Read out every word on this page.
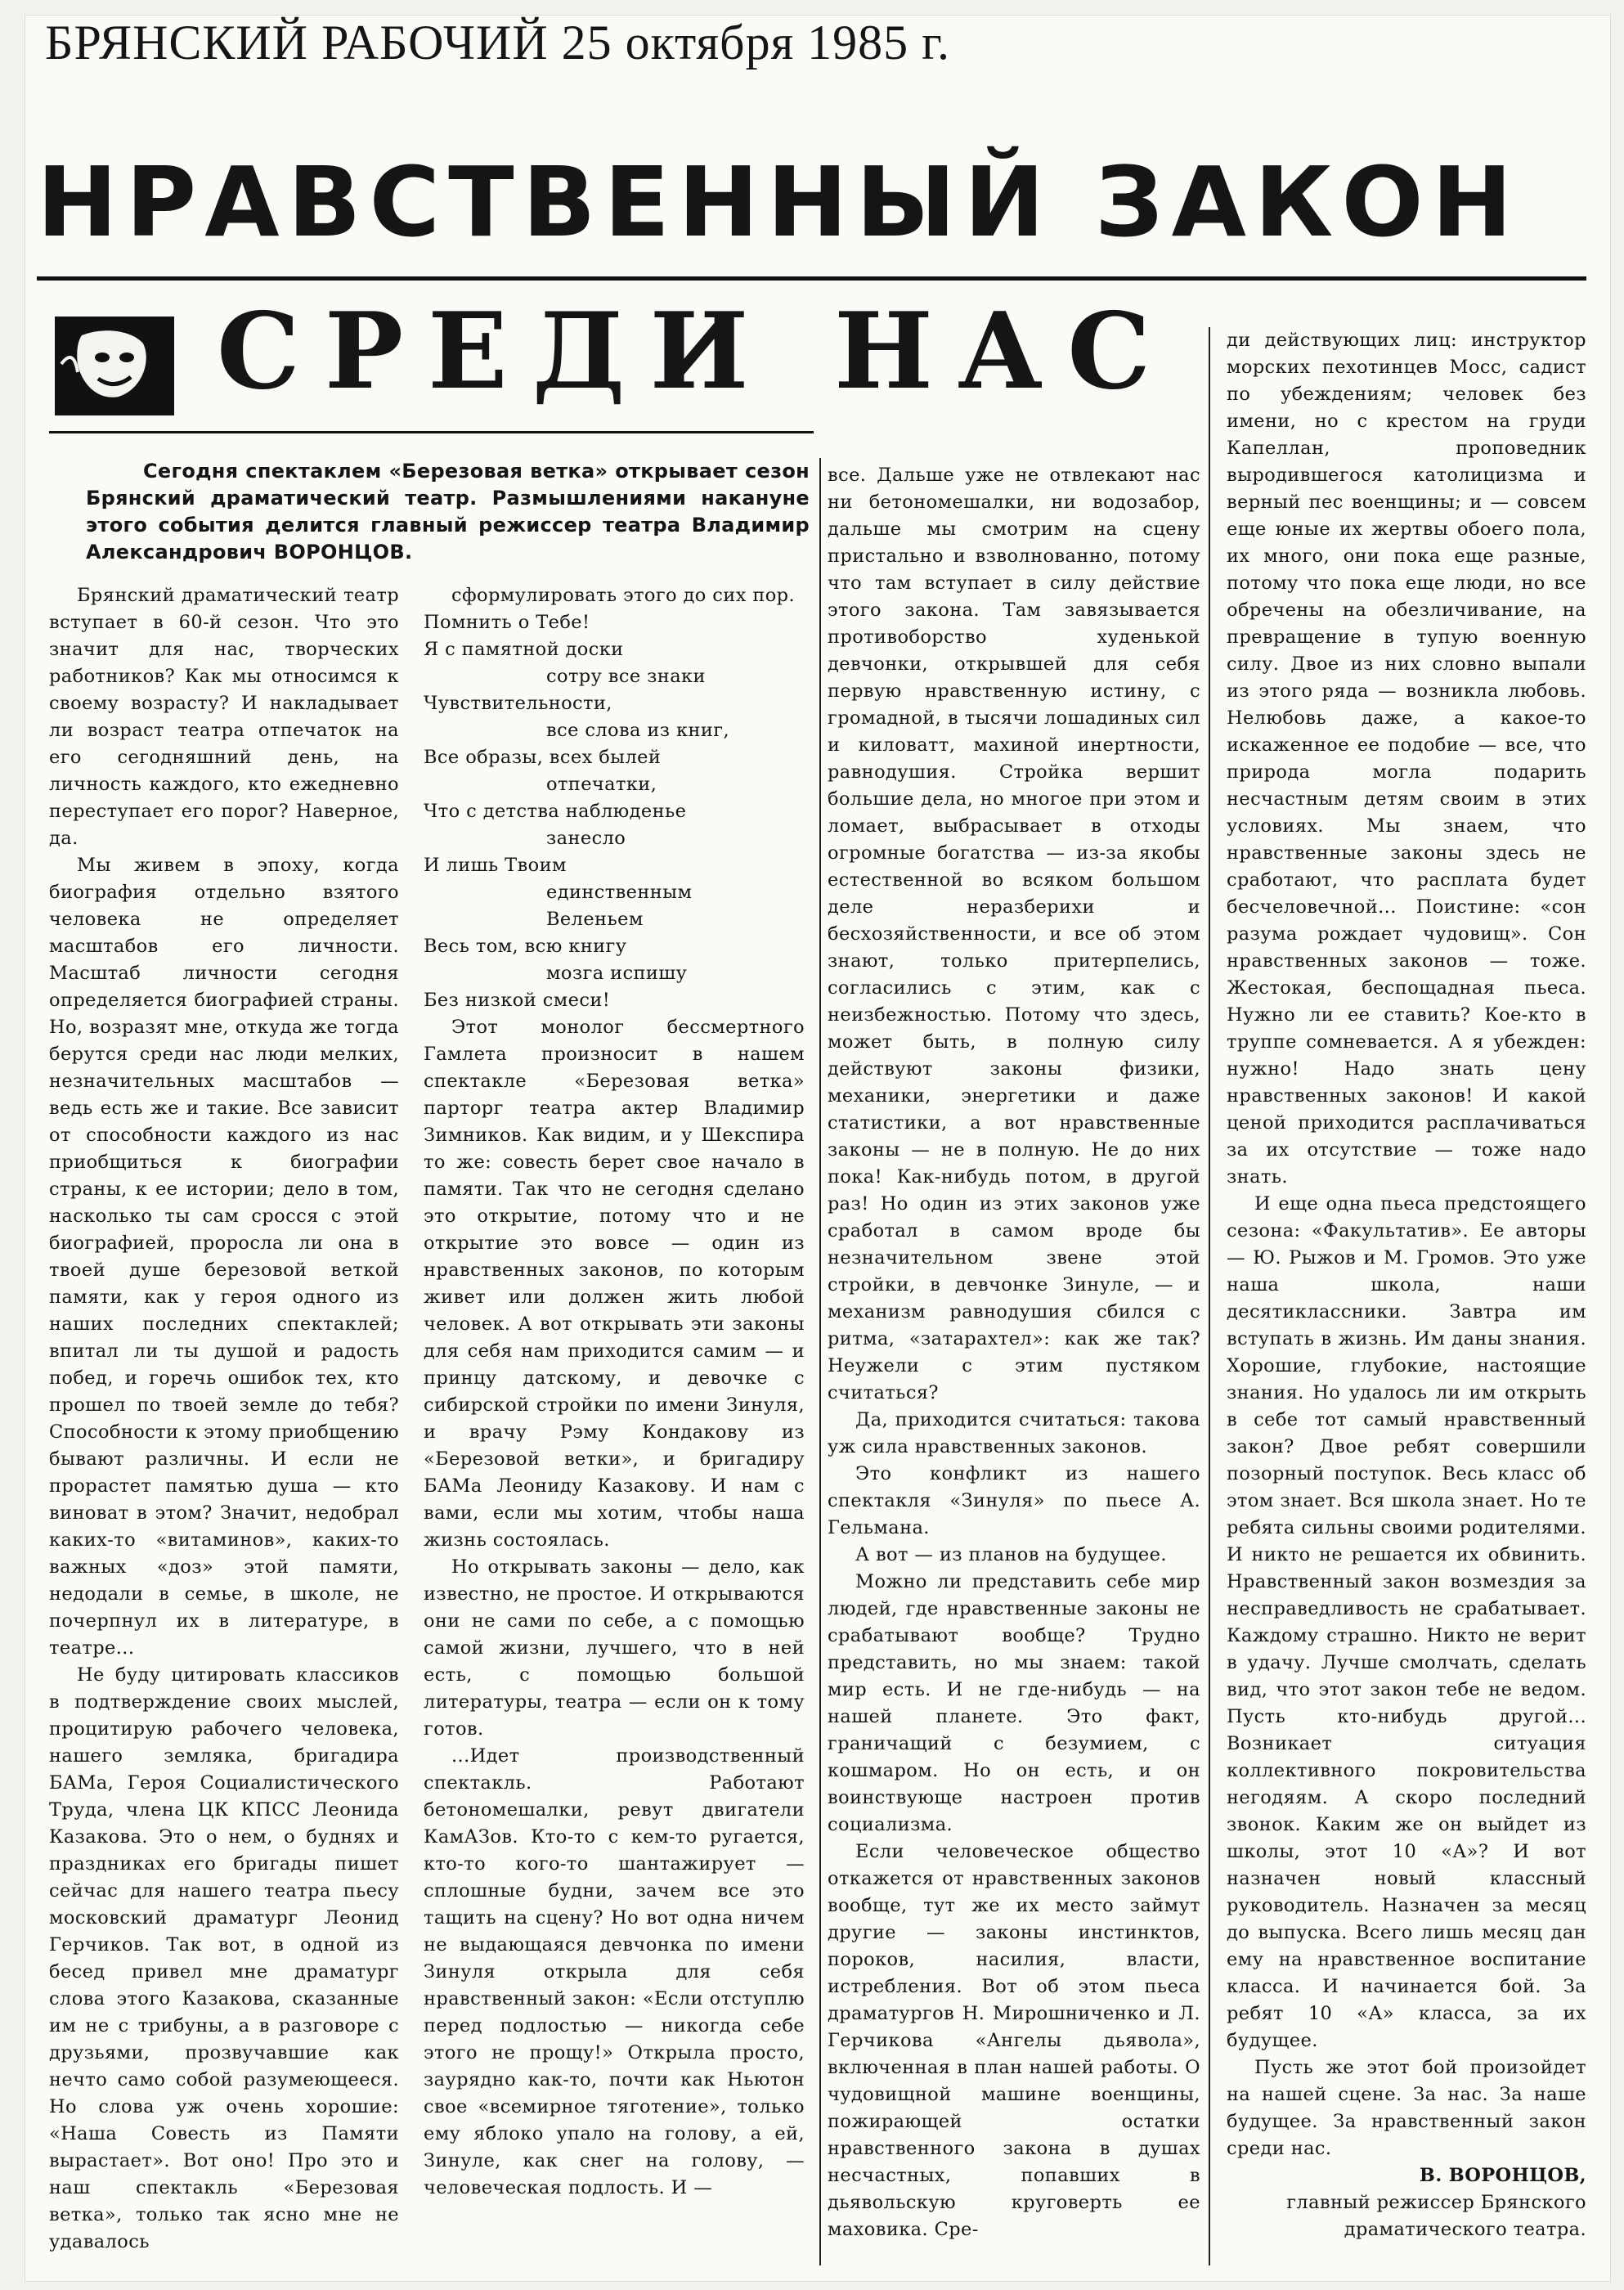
БРЯНСКИЙ РАБОЧИЙ 25 октября 1985 г.
НРАВСТВЕННЫЙ ЗАКОН
СРЕДИ НАС
Сегодня спектаклем «Березовая ветка» открывает сезон Брянский драматический театр. Размышлениями накануне этого события делится главный режиссер театра Владимир Александрович ВОРОНЦОВ.

Брянский драматический театр вступает в 60-й сезон. Что это значит для нас, творческих работников? Как мы относимся к своему возрасту? И накладывает ли возраст театра отпечаток на его сегодняшний день, на личность каждого, кто ежедневно переступает его порог? Наверное, да.

Мы живем в эпоху, когда биография отдельно взятого человека не определяет масштабов его личности. Масштаб личности сегодня определяется биографией страны. Но, возразят мне, откуда же тогда берутся среди нас люди мелких, незначительных масштабов — ведь есть же и такие. Все зависит от способности каждого из нас приобщиться к биографии страны, к ее истории; дело в том, насколько ты сам сросся с этой биографией, проросла ли она в твоей душе березовой веткой памяти, как у героя одного из наших последних спектаклей; впитал ли ты душой и радость побед, и горечь ошибок тех, кто прошел по твоей земле до тебя? Способности к этому приобщению бывают различны. И если не прорастет памятью душа — кто виноват в этом? Значит, недобрал каких-то «витаминов», каких-то важных «доз» этой памяти, недодали в семье, в школе, не почерпнул их в литературе, в театре...

Не буду цитировать классиков в подтверждение своих мыслей, процитирую рабочего человека, нашего земляка, бригадира БАМа, Героя Социалистического Труда, члена ЦК КПСС Леонида Казакова. Это о нем, о буднях и праздниках его бригады пишет сейчас для нашего театра пьесу московский драматург Леонид Герчиков. Так вот, в одной из бесед привел мне драматург слова этого Казакова, сказанные им не с трибуны, а в разговоре с друзьями, прозвучавшие как нечто само собой разумеющееся. Но слова уж очень хорошие: «Наша Совесть из Памяти вырастает». Вот оно! Про это и наш спектакль «Березовая ветка», только так ясно мне не удавалось

сформулировать этого до сих пор.

Помнить о Тебе!

Я с памятной доски

сотру все знаки

Чувствительности,

все слова из книг,

Все образы, всех былей

отпечатки,

Что с детства наблюденье

занесло

И лишь Твоим

единственным

Веленьем

Весь том, всю книгу

мозга испишу

Без низкой смеси!

Этот монолог бессмертного Гамлета произносит в нашем спектакле «Березовая ветка» парторг театра актер Владимир Зимников. Как видим, и у Шекспира то же: совесть берет свое начало в памяти. Так что не сегодня сделано это открытие, потому что и не открытие это вовсе — один из нравственных законов, по которым живет или должен жить любой человек. А вот открывать эти законы для себя нам приходится самим — и принцу датскому, и девочке с сибирской стройки по имени Зинуля, и врачу Рэму Кондакову из «Березовой ветки», и бригадиру БАМа Леониду Казакову. И нам с вами, если мы хотим, чтобы наша жизнь состоялась.

Но открывать законы — дело, как известно, не простое. И открываются они не сами по себе, а с помощью самой жизни, лучшего, что в ней есть, с помощью большой литературы, театра — если он к тому готов.

...Идет производственный спектакль. Работают бетономешалки, ревут двигатели КамАЗов. Кто-то с кем-то ругается, кто-то кого-то шантажирует — сплошные будни, зачем все это тащить на сцену? Но вот одна ничем не выдающаяся девчонка по имени Зинуля открыла для себя нравственный закон: «Если отступлю перед подлостью — никогда себе этого не прощу!» Открыла просто, заурядно как-то, почти как Ньютон свое «всемирное тяготение», только ему яблоко упало на голову, а ей, Зинуле, как снег на голову, — человеческая подлость. И —

все. Дальше уже не отвлекают нас ни бетономешалки, ни водозабор, дальше мы смотрим на сцену пристально и взволнованно, потому что там вступает в силу действие этого закона. Там завязывается противоборство худенькой девчонки, открывшей для себя первую нравственную истину, с громадной, в тысячи лошадиных сил и киловатт, махиной инертности, равнодушия. Стройка вершит большие дела, но многое при этом и ломает, выбрасывает в отходы огромные богатства — из-за якобы естественной во всяком большом деле неразберихи и бесхозяйственности, и все об этом знают, только притерпелись, согласились с этим, как с неизбежностью. Потому что здесь, может быть, в полную силу действуют законы физики, механики, энергетики и даже статистики, а вот нравственные законы — не в полную. Не до них пока! Как-нибудь потом, в другой раз! Но один из этих законов уже сработал в самом вроде бы незначительном звене этой стройки, в девчонке Зинуле, — и механизм равнодушия сбился с ритма, «затарахтел»: как же так? Неужели с этим пустяком считаться?

Да, приходится считаться: такова уж сила нравственных законов.

Это конфликт из нашего спектакля «Зинуля» по пьесе А. Гельмана.

А вот — из планов на будущее.

Можно ли представить себе мир людей, где нравственные законы не срабатывают вообще? Трудно представить, но мы знаем: такой мир есть. И не где-нибудь — на нашей планете. Это факт, граничащий с безумием, с кошмаром. Но он есть, и он воинствующе настроен против социализма.

Если человеческое общество откажется от нравственных законов вообще, тут же их место займут другие — законы инстинктов, пороков, насилия, власти, истребления. Вот об этом пьеса драматургов Н. Мирошниченко и Л. Герчикова «Ангелы дьявола», включенная в план нашей работы. О чудовищной машине военщины, пожирающей остатки нравственного закона в душах несчастных, попавших в дьявольскую круговерть ее маховика. Сре-

ди действующих лиц: инструктор морских пехотинцев Мосс, садист по убеждениям; человек без имени, но с крестом на груди Капеллан, проповедник выродившегося католицизма и верный пес военщины; и — совсем еще юные их жертвы обоего пола, их много, они пока еще разные, потому что пока еще люди, но все обречены на обезличивание, на превращение в тупую военную силу. Двое из них словно выпали из этого ряда — возникла любовь. Нелюбовь даже, а какое-то искаженное ее подобие — все, что природа могла подарить несчастным детям своим в этих условиях. Мы знаем, что нравственные законы здесь не сработают, что расплата будет бесчеловечной... Поистине: «сон разума рождает чудовищ». Сон нравственных законов — тоже. Жестокая, беспощадная пьеса. Нужно ли ее ставить? Кое-кто в труппе сомневается. А я убежден: нужно! Надо знать цену нравственных законов! И какой ценой приходится расплачиваться за их отсутствие — тоже надо знать.

И еще одна пьеса предстоящего сезона: «Факультатив». Ее авторы — Ю. Рыжов и М. Громов. Это уже наша школа, наши десятиклассники. Завтра им вступать в жизнь. Им даны знания. Хорошие, глубокие, настоящие знания. Но удалось ли им открыть в себе тот самый нравственный закон? Двое ребят совершили позорный поступок. Весь класс об этом знает. Вся школа знает. Но те ребята сильны своими родителями. И никто не решается их обвинить. Нравственный закон возмездия за несправедливость не срабатывает. Каждому страшно. Никто не верит в удачу. Лучше смолчать, сделать вид, что этот закон тебе не ведом. Пусть кто-нибудь другой... Возникает ситуация коллективного покровительства негодяям. А скоро последний звонок. Каким же он выйдет из школы, этот 10 «А»? И вот назначен новый классный руководитель. Назначен за месяц до выпуска. Всего лишь месяц дан ему на нравственное воспитание класса. И начинается бой. За ребят 10 «А» класса, за их будущее.

Пусть же этот бой произойдет на нашей сцене. За нас. За наше будущее. За нравственный закон среди нас.

В. ВОРОНЦОВ,

главный режиссер Брянского драматического театра.
